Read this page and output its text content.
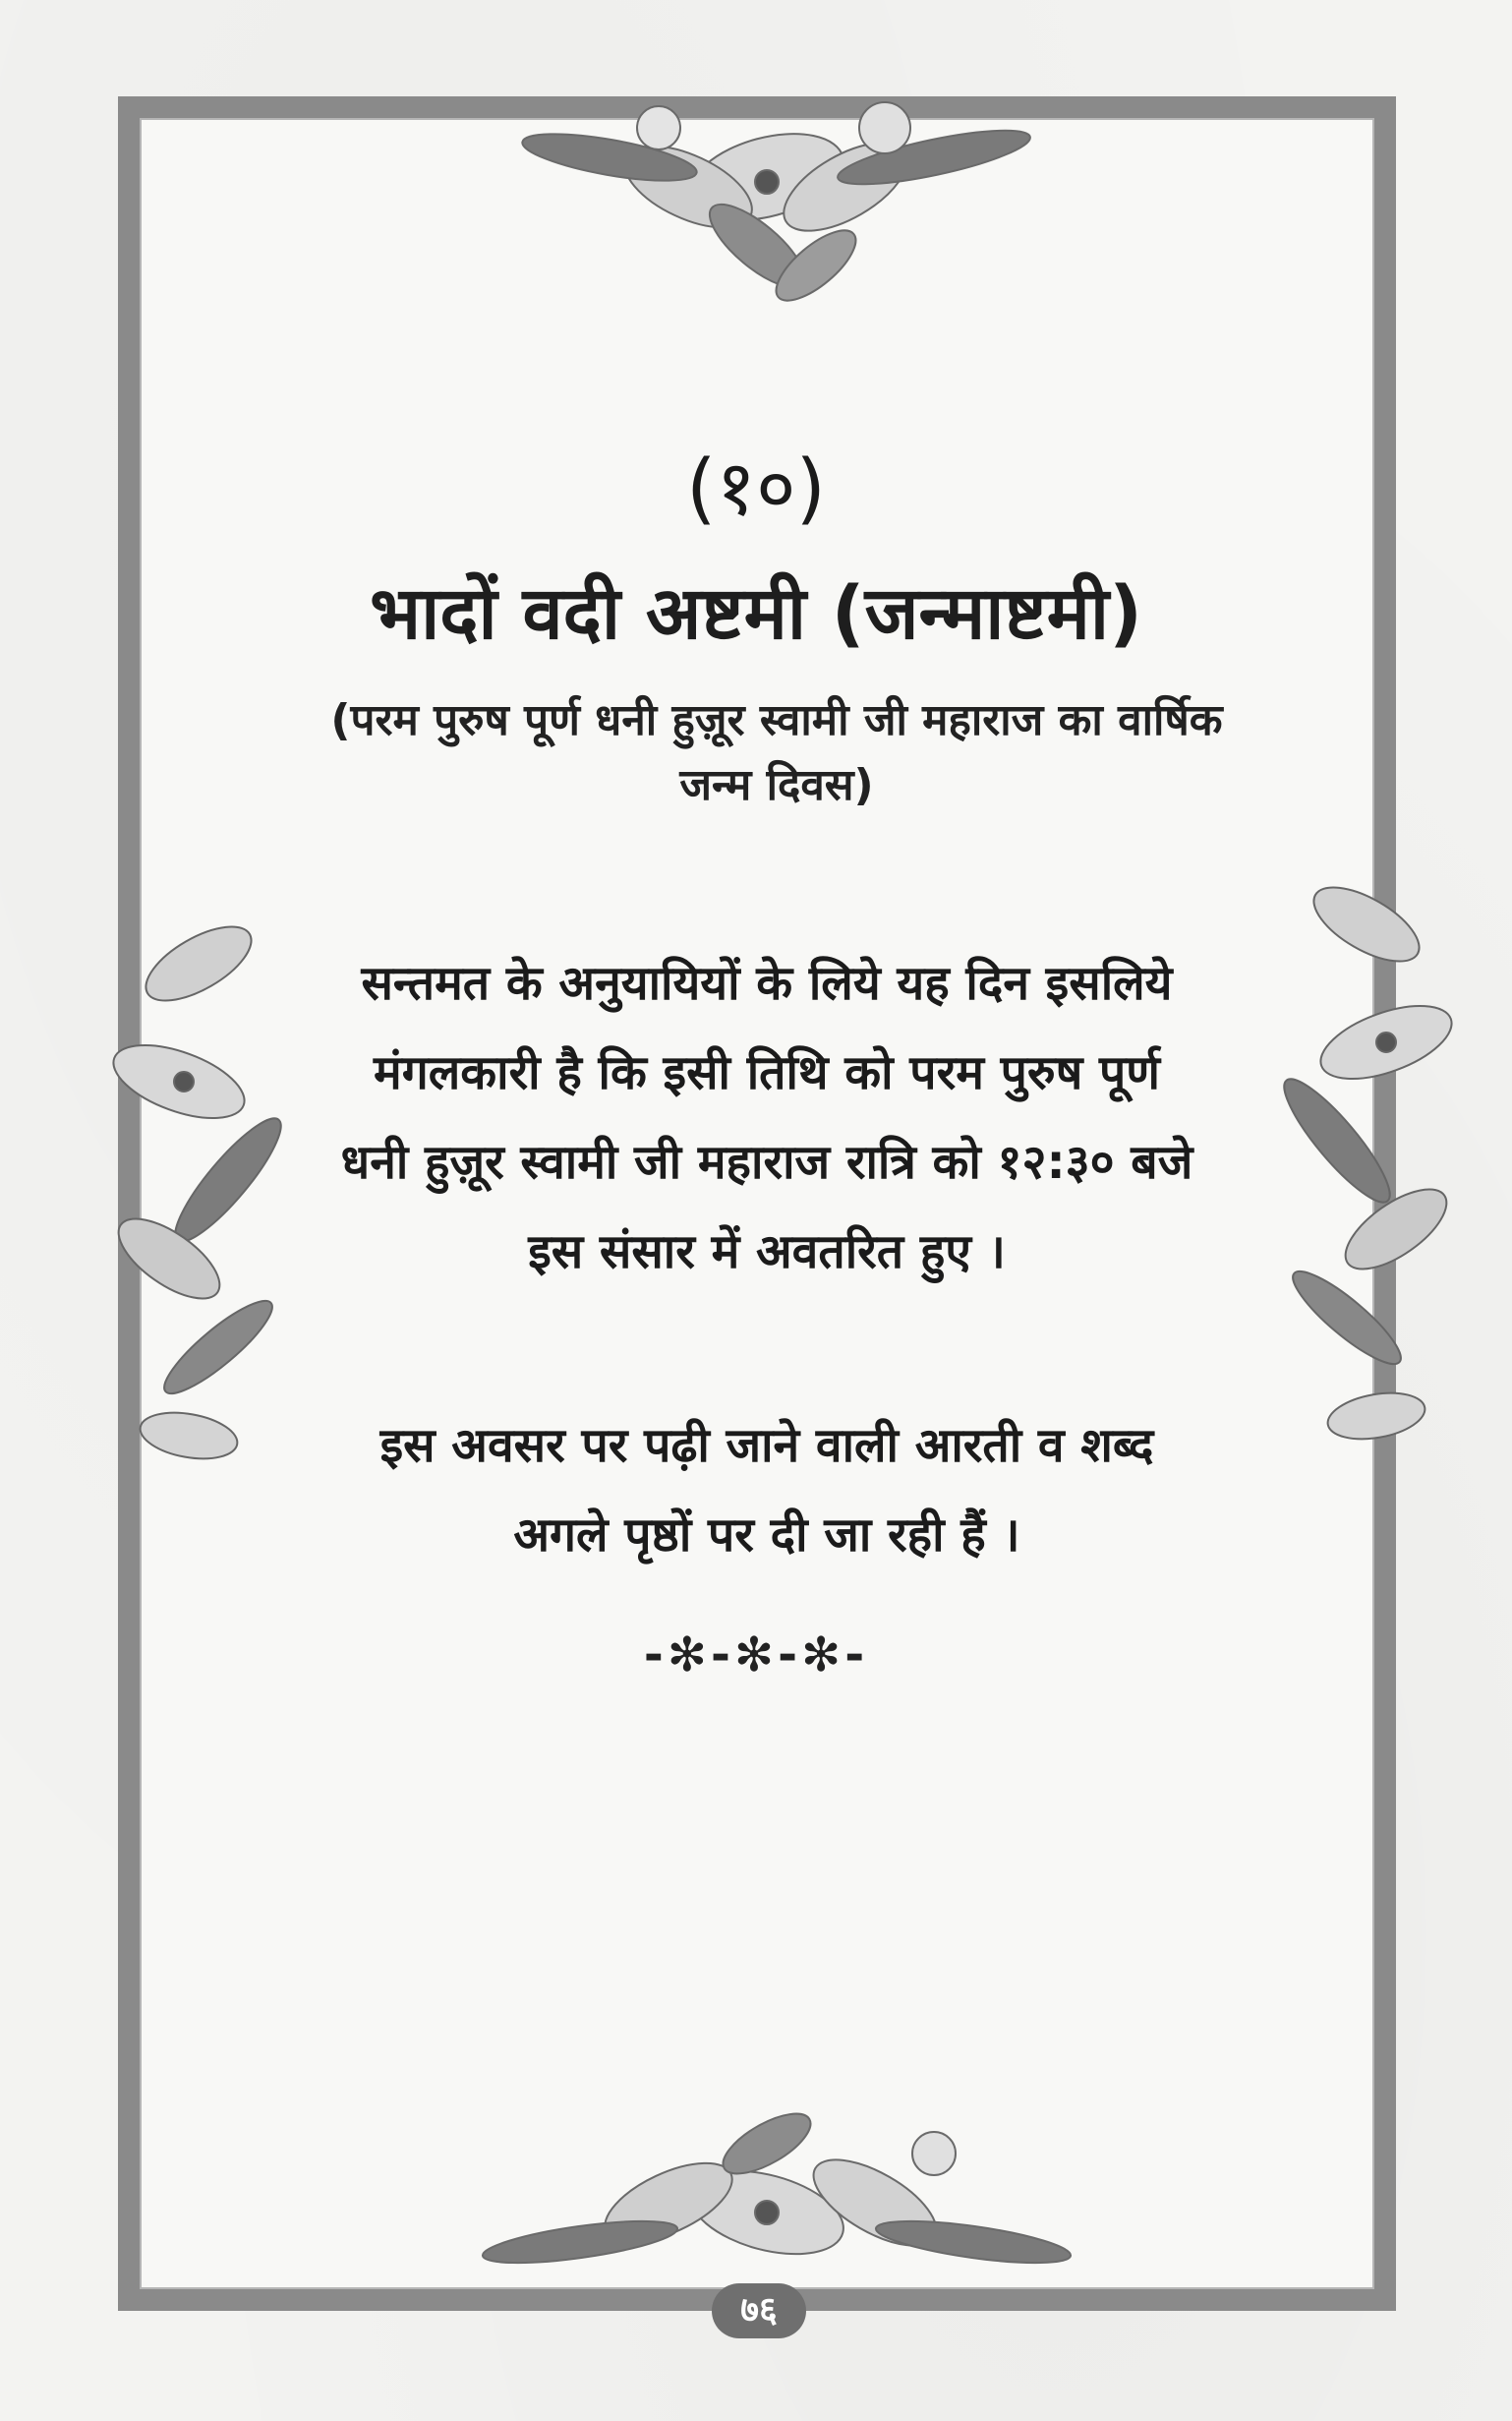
(१०)
भादों वदी अष्टमी (जन्माष्टमी)
(परम पुरुष पूर्ण धनी हुज़ूर स्वामी जी महाराज का वार्षिक जन्म दिवस)
सन्तमत के अनुयायियों के लिये यह दिन इसलिये मंगलकारी है कि इसी तिथि को परम पुरुष पूर्ण धनी हुज़ूर स्वामी जी महाराज रात्रि को १२:३० बजे इस संसार में अवतरित हुए ।
इस अवसर पर पढ़ी जाने वाली आरती व शब्द अगले पृष्ठों पर दी जा रही हैं ।
-✻-✻-✻-
७६
